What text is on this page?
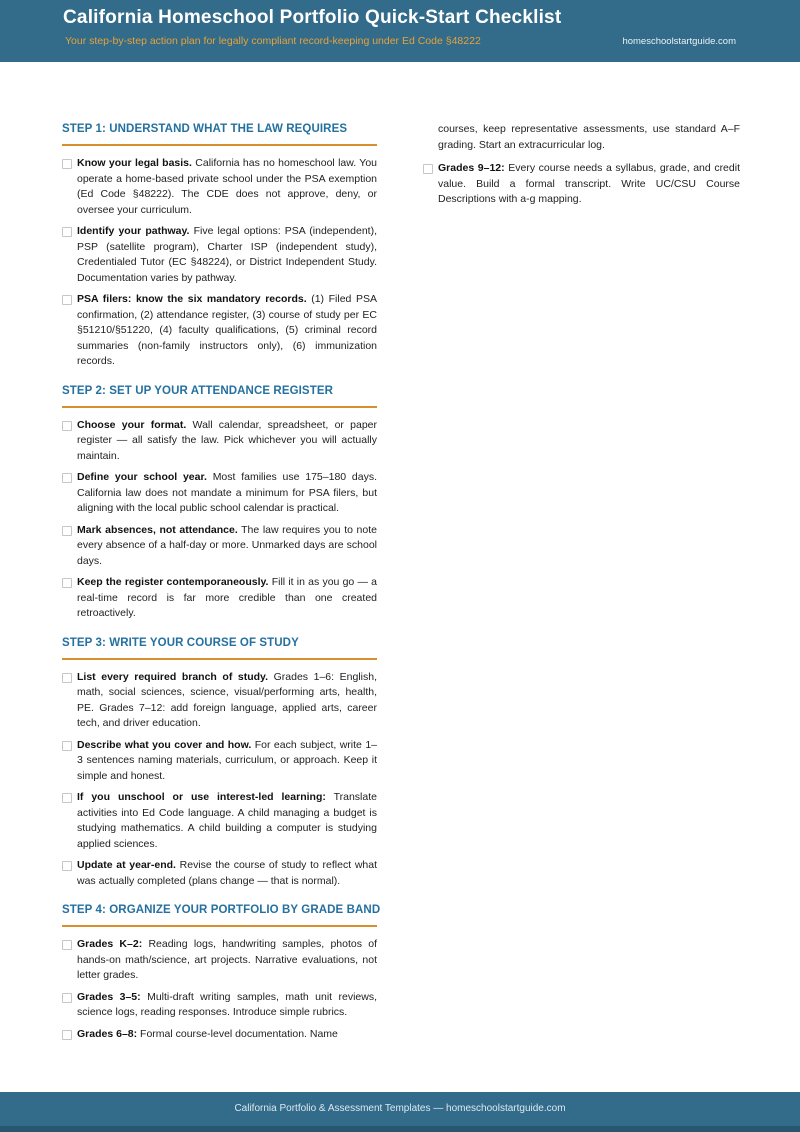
California Homeschool Portfolio Quick-Start Checklist
Your step-by-step action plan for legally compliant record-keeping under Ed Code §48222	homeschoolstartguide.com
STEP 1: UNDERSTAND WHAT THE LAW REQUIRES
Know your legal basis. California has no homeschool law. You operate a home-based private school under the PSA exemption (Ed Code §48222). The CDE does not approve, deny, or oversee your curriculum.
Identify your pathway. Five legal options: PSA (independent), PSP (satellite program), Charter ISP (independent study), Credentialed Tutor (EC §48224), or District Independent Study. Documentation varies by pathway.
PSA filers: know the six mandatory records. (1) Filed PSA confirmation, (2) attendance register, (3) course of study per EC §51210/§51220, (4) faculty qualifications, (5) criminal record summaries (non-family instructors only), (6) immunization records.
STEP 2: SET UP YOUR ATTENDANCE REGISTER
Choose your format. Wall calendar, spreadsheet, or paper register — all satisfy the law. Pick whichever you will actually maintain.
Define your school year. Most families use 175–180 days. California law does not mandate a minimum for PSA filers, but aligning with the local public school calendar is practical.
Mark absences, not attendance. The law requires you to note every absence of a half-day or more. Unmarked days are school days.
Keep the register contemporaneously. Fill it in as you go — a real-time record is far more credible than one created retroactively.
STEP 3: WRITE YOUR COURSE OF STUDY
List every required branch of study. Grades 1–6: English, math, social sciences, science, visual/performing arts, health, PE. Grades 7–12: add foreign language, applied arts, career tech, and driver education.
Describe what you cover and how. For each subject, write 1–3 sentences naming materials, curriculum, or approach. Keep it simple and honest.
If you unschool or use interest-led learning: Translate activities into Ed Code language. A child managing a budget is studying mathematics. A child building a computer is studying applied sciences.
Update at year-end. Revise the course of study to reflect what was actually completed (plans change — that is normal).
STEP 4: ORGANIZE YOUR PORTFOLIO BY GRADE BAND
Grades K–2: Reading logs, handwriting samples, photos of hands-on math/science, art projects. Narrative evaluations, not letter grades.
Grades 3–5: Multi-draft writing samples, math unit reviews, science logs, reading responses. Introduce simple rubrics.
Grades 6–8: Formal course-level documentation. Name
courses, keep representative assessments, use standard A–F grading. Start an extracurricular log.
Grades 9–12: Every course needs a syllabus, grade, and credit value. Build a formal transcript. Write UC/CSU Course Descriptions with a-g mapping.
California Portfolio & Assessment Templates — homeschoolstartguide.com
